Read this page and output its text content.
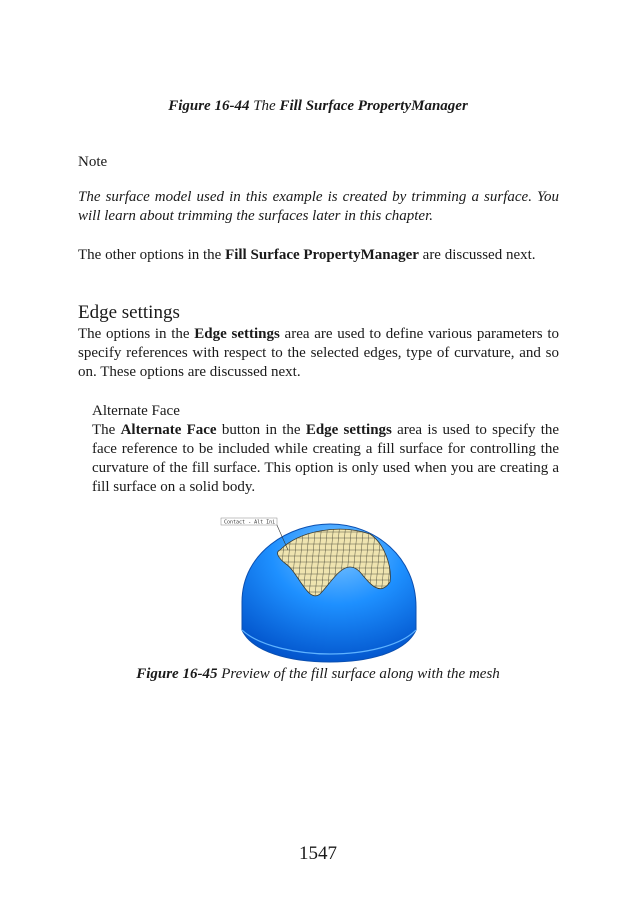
Figure 16-44 The Fill Surface PropertyManager
Note

The surface model used in this example is created by trimming a surface. You will learn about trimming the surfaces later in this chapter.

The other options in the Fill Surface PropertyManager are discussed next.

Edge settings

The options in the Edge settings area are used to define various parameters to specify references with respect to the selected edges, type of curvature, and so on. These options are discussed next.

Alternate Face

The Alternate Face button in the Edge settings area is used to specify the face reference to be included while creating a fill surface for controlling the curvature of the fill surface. This option is only used when you are creating a fill surface on a solid body.

Contact - Alt Ini
Figure 16-45 Preview of the fill surface along with the mesh
1547
